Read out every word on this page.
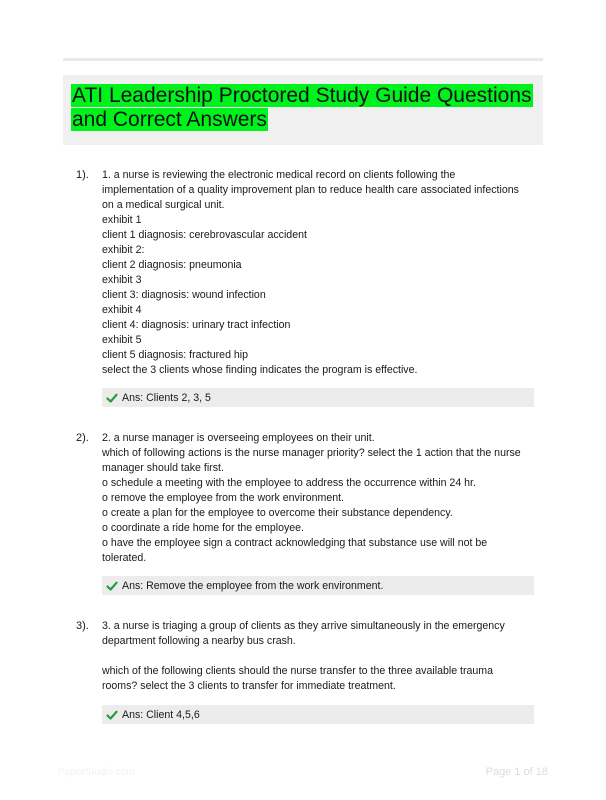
ATI Leadership Proctored Study Guide Questions and Correct Answers
1). 1. a nurse is reviewing the electronic medical record on clients following the
implementation of a quality improvement plan to reduce health care associated infections
on a medical surgical unit.
exhibit 1
client 1 diagnosis: cerebrovascular accident
exhibit 2:
client 2 diagnosis: pneumonia
exhibit 3
client 3: diagnosis: wound infection
exhibit 4
client 4: diagnosis: urinary tract infection
exhibit 5
client 5 diagnosis: fractured hip
select the 3 clients whose finding indicates the program is effective.
Ans: Clients 2, 3, 5
2). 2. a nurse manager is overseeing employees on their unit.
which of following actions is the nurse manager priority? select the 1 action that the nurse
manager should take first.
o schedule a meeting with the employee to address the occurrence within 24 hr.
o remove the employee from the work environment.
o create a plan for the employee to overcome their substance dependency.
o coordinate a ride home for the employee.
o have the employee sign a contract acknowledging that substance use will not be
tolerated.
Ans: Remove the employee from the work environment.
3). 3. a nurse is triaging a group of clients as they arrive simultaneously in the emergency
department following a nearby bus crash.
which of the following clients should the nurse transfer to the three available trauma
rooms? select the 3 clients to transfer for immediate treatment.
Ans: Client 4,5,6
PaperStudio.com	Page 1 of 18
